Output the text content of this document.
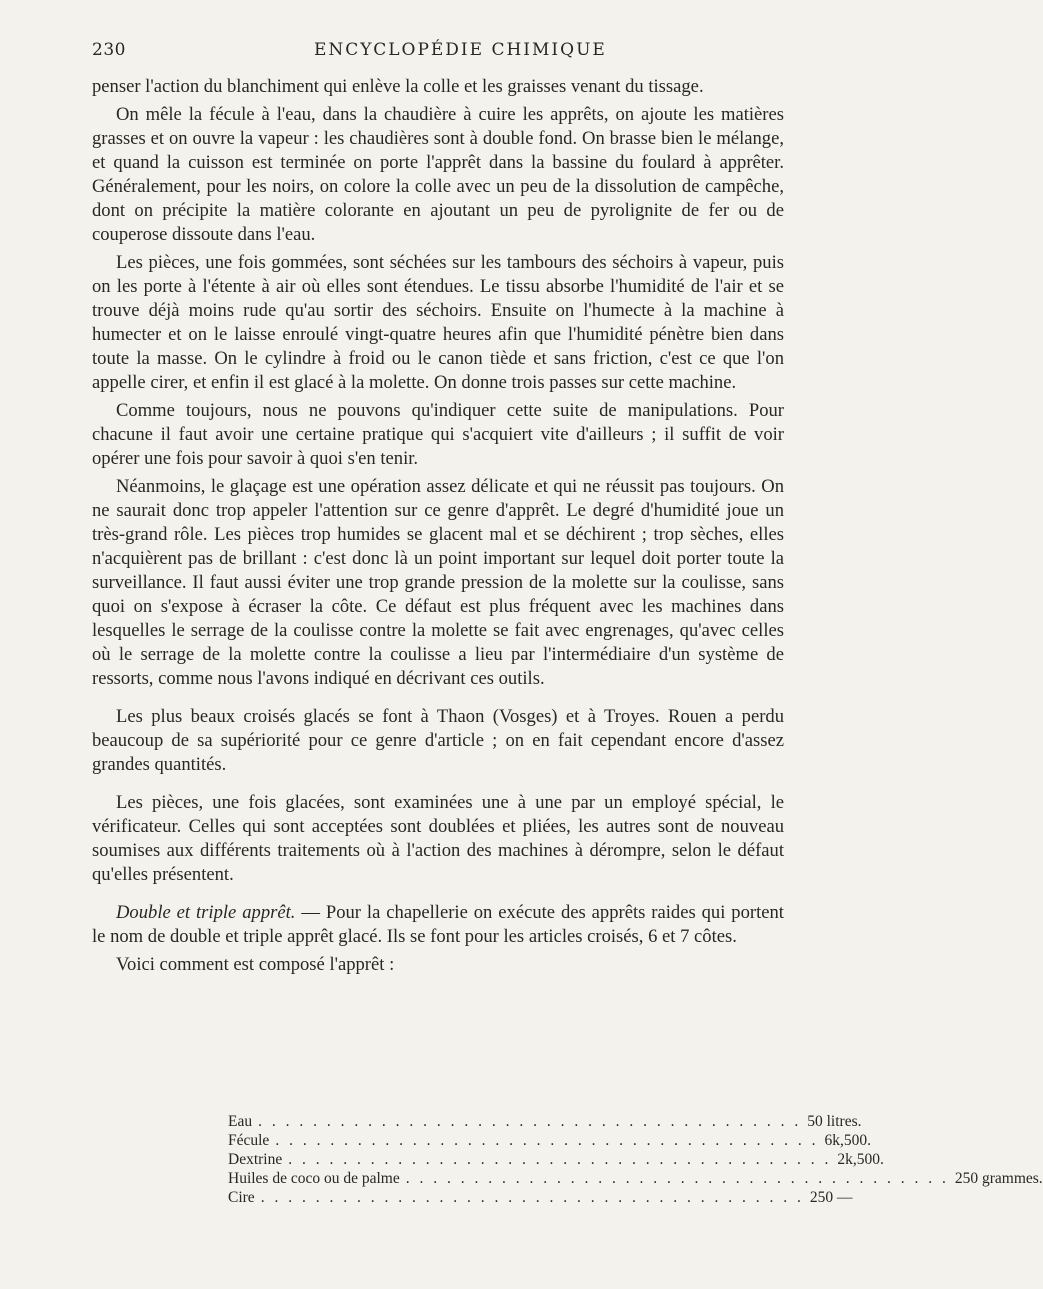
230	ENCYCLOPÉDIE CHIMIQUE

penser l'action du blanchiment qui enlève la colle et les graisses venant du tissage.

On mêle la fécule à l'eau, dans la chaudière à cuire les apprêts, on ajoute les matières grasses et on ouvre la vapeur : les chaudières sont à double fond. On brasse bien le mélange, et quand la cuisson est terminée on porte l'apprêt dans la bassine du foulard à apprêter. Généralement, pour les noirs, on colore la colle avec un peu de la dissolution de campêche, dont on précipite la matière colorante en ajoutant un peu de pyrolignite de fer ou de couperose dissoute dans l'eau.

Les pièces, une fois gommées, sont séchées sur les tambours des séchoirs à vapeur, puis on les porte à l'étente à air où elles sont étendues. Le tissu absorbe l'humidité de l'air et se trouve déjà moins rude qu'au sortir des séchoirs. Ensuite on l'humecte à la machine à humecter et on le laisse enroulé vingt-quatre heures afin que l'humidité pénètre bien dans toute la masse. On le cylindre à froid ou le canon tiède et sans friction, c'est ce que l'on appelle cirer, et enfin il est glacé à la molette. On donne trois passes sur cette machine.

Comme toujours, nous ne pouvons qu'indiquer cette suite de manipulations. Pour chacune il faut avoir une certaine pratique qui s'acquiert vite d'ailleurs ; il suffit de voir opérer une fois pour savoir à quoi s'en tenir.

Néanmoins, le glaçage est une opération assez délicate et qui ne réussit pas toujours. On ne saurait donc trop appeler l'attention sur ce genre d'apprêt. Le degré d'humidité joue un très-grand rôle. Les pièces trop humides se glacent mal et se déchirent ; trop sèches, elles n'acquièrent pas de brillant : c'est donc là un point important sur lequel doit porter toute la surveillance. Il faut aussi éviter une trop grande pression de la molette sur la coulisse, sans quoi on s'expose à écraser la côte. Ce défaut est plus fréquent avec les machines dans lesquelles le serrage de la coulisse contre la molette se fait avec engrenages, qu'avec celles où le serrage de la molette contre la coulisse a lieu par l'intermédiaire d'un système de ressorts, comme nous l'avons indiqué en décrivant ces outils.

Les plus beaux croisés glacés se font à Thaon (Vosges) et à Troyes. Rouen a perdu beaucoup de sa supériorité pour ce genre d'article ; on en fait cependant encore d'assez grandes quantités.

Les pièces, une fois glacées, sont examinées une à une par un employé spécial, le vérificateur. Celles qui sont acceptées sont doublées et pliées, les autres sont de nouveau soumises aux différents traitements où à l'action des machines à dérompre, selon le défaut qu'elles présentent.

Double et triple apprêt. — Pour la chapellerie on exécute des apprêts raides qui portent le nom de double et triple apprêt glacé. Ils se font pour les articles croisés, 6 et 7 côtes.

Voici comment est composé l'apprêt :

Eau . . . . . . . . . . . . . . . . . . . . . . . . . . . . . . . . . . . . . . . . 50 litres.
Fécule . . . . . . . . . . . . . . . . . . . . . . . . . . . . . . . . . . . . . . . . 6k,500.
Dextrine . . . . . . . . . . . . . . . . . . . . . . . . . . . . . . . . . . . . . . . . 2k,500.
Huiles de coco ou de palme . . . . . . . . . . . . . . . . . . . . . . . . . . . . . . . . . . . . . . . . 250 grammes.
Cire . . . . . . . . . . . . . . . . . . . . . . . . . . . . . . . . . . . . . . . . 250 —
